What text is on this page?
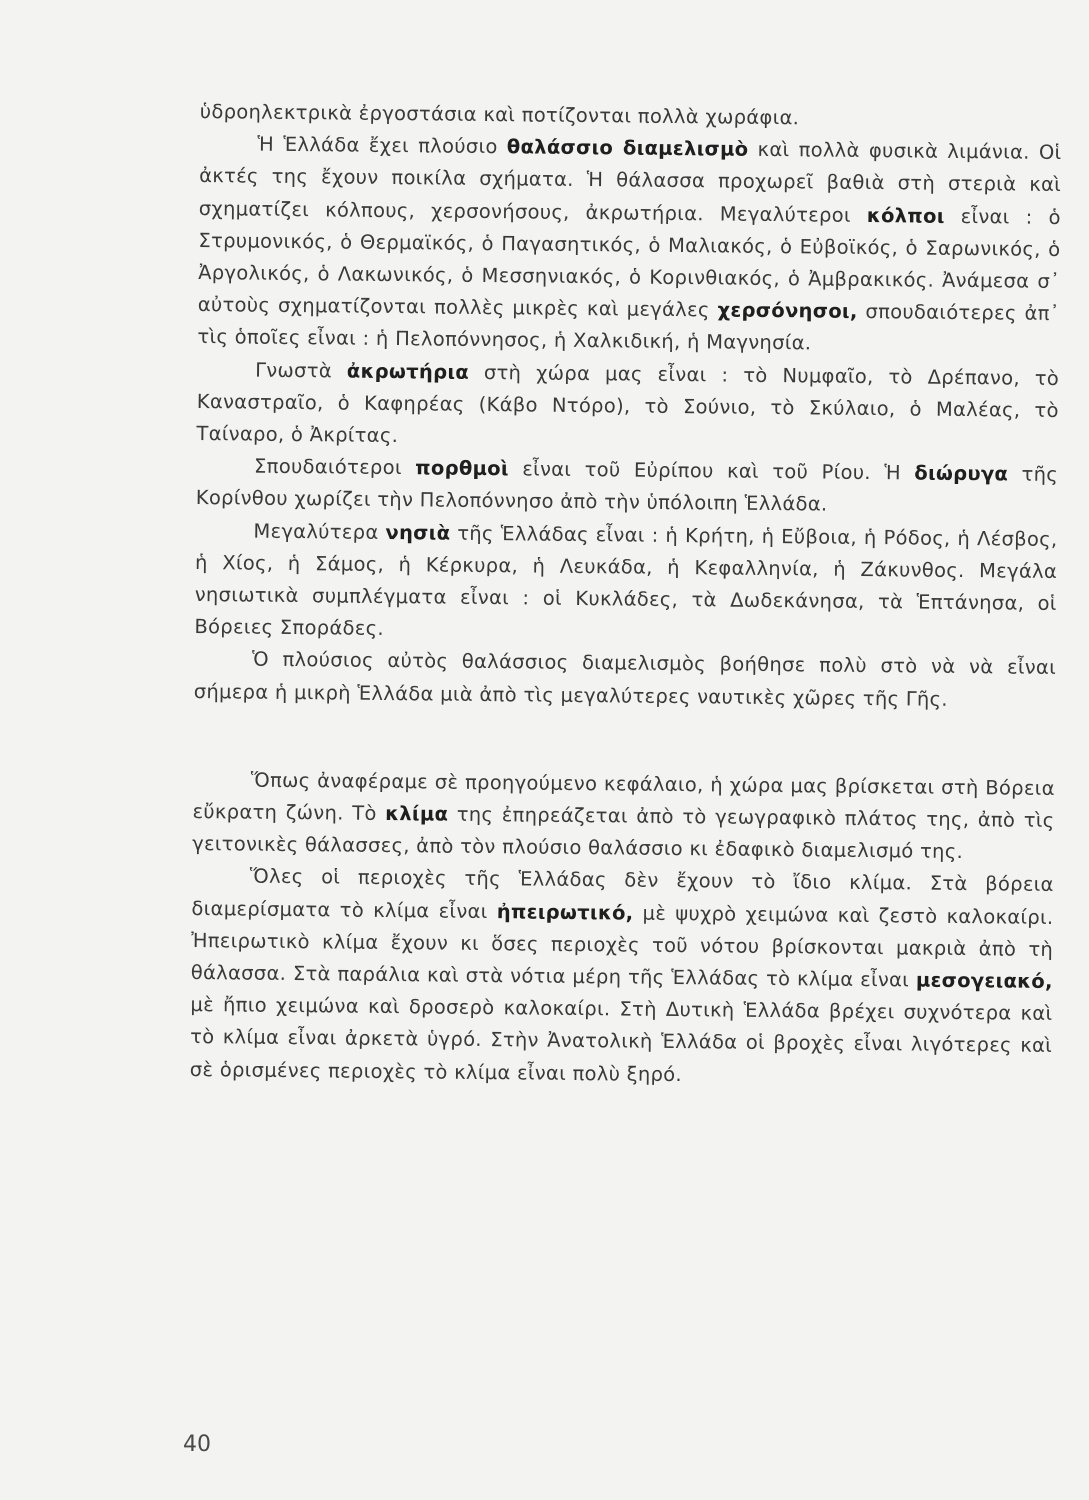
ὑδροηλεκτρικὰ ἐργοστάσια καὶ ποτίζονται πολλὰ χωράφια.

Ἡ Ἑλλάδα ἔχει πλούσιο θαλάσσιο διαμελισμὸ καὶ πολλὰ φυσικὰ λιμάνια. Οἱ ἀκτές της ἔχουν ποικίλα σχήματα. Ἡ θάλασσα προχωρεῖ βαθιὰ στὴ στεριὰ καὶ σχηματίζει κόλπους, χερσονήσους, ἀκρωτήρια. Μεγαλύτεροι κόλποι εἶναι : ὁ Στρυμονικός, ὁ Θερμαϊκός, ὁ Παγασητικός, ὁ Μαλιακός, ὁ Εὐβοϊκός, ὁ Σαρωνικός, ὁ Ἀργολικός, ὁ Λακωνικός, ὁ Μεσσηνιακός, ὁ Κορινθιακός, ὁ Ἀμβρακικός. Ἀνάμεσα σ᾿ αὐτοὺς σχηματίζονται πολλὲς μικρὲς καὶ μεγάλες χερσόνησοι, σπουδαιότερες ἀπ᾿ τὶς ὁποῖες εἶναι : ἡ Πελοπόννησος, ἡ Χαλκιδική, ἡ Μαγνησία.

Γνωστὰ ἀκρωτήρια στὴ χώρα μας εἶναι : τὸ Νυμφαῖο, τὸ Δρέπανο, τὸ Καναστραῖο, ὁ Καφηρέας (Κάβο Ντόρο), τὸ Σούνιο, τὸ Σκύλαιο, ὁ Μαλέας, τὸ Ταίναρο, ὁ Ἀκρίτας.

Σπουδαιότεροι πορθμοὶ εἶναι τοῦ Εὐρίπου καὶ τοῦ Ρίου. Ἡ διώρυγα τῆς Κορίνθου χωρίζει τὴν Πελοπόννησο ἀπὸ τὴν ὑπόλοιπη Ἑλλάδα.

Μεγαλύτερα νησιὰ τῆς Ἑλλάδας εἶναι : ἡ Κρήτη, ἡ Εὔβοια, ἡ Ρόδος, ἡ Λέσβος, ἡ Χίος, ἡ Σάμος, ἡ Κέρκυρα, ἡ Λευκάδα, ἡ Κεφαλληνία, ἡ Ζάκυνθος. Μεγάλα νησιωτικὰ συμπλέγματα εἶναι : οἱ Κυκλάδες, τὰ Δωδεκάνησα, τὰ Ἑπτάνησα, οἱ Βόρειες Σποράδες.

Ὁ πλούσιος αὐτὸς θαλάσσιος διαμελισμὸς βοήθησε πολὺ στὸ νὰ νὰ εἶναι σήμερα ἡ μικρὴ Ἑλλάδα μιὰ ἀπὸ τὶς μεγαλύτερες ναυτικὲς χῶρες τῆς Γῆς.

Ὅπως ἀναφέραμε σὲ προηγούμενο κεφάλαιο, ἡ χώρα μας βρίσκεται στὴ Βόρεια εὔκρατη ζώνη. Τὸ κλίμα της ἐπηρεάζεται ἀπὸ τὸ γεωγραφικὸ πλάτος της, ἀπὸ τὶς γειτονικὲς θάλασσες, ἀπὸ τὸν πλούσιο θαλάσσιο κι ἐδαφικὸ διαμελισμό της.

Ὅλες οἱ περιοχὲς τῆς Ἑλλάδας δὲν ἔχουν τὸ ἴδιο κλίμα. Στὰ βόρεια διαμερίσματα τὸ κλίμα εἶναι ἠπειρωτικό, μὲ ψυχρὸ χειμώνα καὶ ζεστὸ καλοκαίρι. Ἠπειρωτικὸ κλίμα ἔχουν κι ὅσες περιοχὲς τοῦ νότου βρίσκονται μακριὰ ἀπὸ τὴ θάλασσα. Στὰ παράλια καὶ στὰ νότια μέρη τῆς Ἑλλάδας τὸ κλίμα εἶναι μεσογειακό, μὲ ἤπιο χειμώνα καὶ δροσερὸ καλοκαίρι. Στὴ Δυτικὴ Ἑλλάδα βρέχει συχνότερα καὶ τὸ κλίμα εἶναι ἀρκετὰ ὑγρό. Στὴν Ἀνατολικὴ Ἑλλάδα οἱ βροχὲς εἶναι λιγότερες καὶ σὲ ὁρισμένες περιοχὲς τὸ κλίμα εἶναι πολὺ ξηρό.

40
